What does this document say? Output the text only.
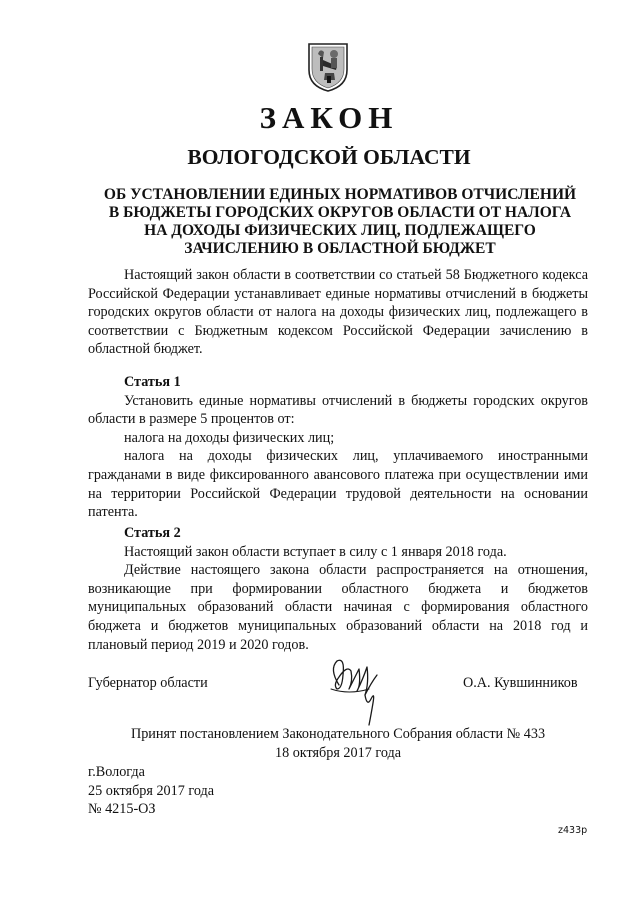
ЗАКОН
ВОЛОГОДСКОЙ ОБЛАСТИ
ОБ УСТАНОВЛЕНИИ ЕДИНЫХ НОРМАТИВОВ ОТЧИСЛЕНИЙ
В БЮДЖЕТЫ ГОРОДСКИХ ОКРУГОВ ОБЛАСТИ ОТ НАЛОГА
НА ДОХОДЫ ФИЗИЧЕСКИХ ЛИЦ, ПОДЛЕЖАЩЕГО
ЗАЧИСЛЕНИЮ В ОБЛАСТНОЙ БЮДЖЕТ

Настоящий закон области в соответствии со статьей 58 Бюджетного кодекса Российской Федерации устанавливает единые нормативы отчислений в бюджеты городских округов области от налога на доходы физических лиц, подлежащего в соответствии с Бюджетным кодексом Российской Федерации зачислению в областной бюджет.

Статья 1

Установить единые нормативы отчислений в бюджеты городских округов области в размере 5 процентов от:

налога на доходы физических лиц;

налога на доходы физических лиц, уплачиваемого иностранными гражданами в виде фиксированного авансового платежа при осуществлении ими на территории Российской Федерации трудовой деятельности на основании патента.

Статья 2

Настоящий закон области вступает в силу с 1 января 2018 года.

Действие настоящего закона области распространяется на отношения, возникающие при формировании областного бюджета и бюджетов муниципальных образований области начиная с формирования областного бюджета и бюджетов муниципальных образований области на 2018 год и плановый период 2019 и 2020 годов.

Губернатор области	О.А. Кувшинников
Принят постановлением Законодательного Собрания области № 433
18 октября 2017 года
г.Вологда
25 октября 2017 года
№ 4215-ОЗ
z433p
